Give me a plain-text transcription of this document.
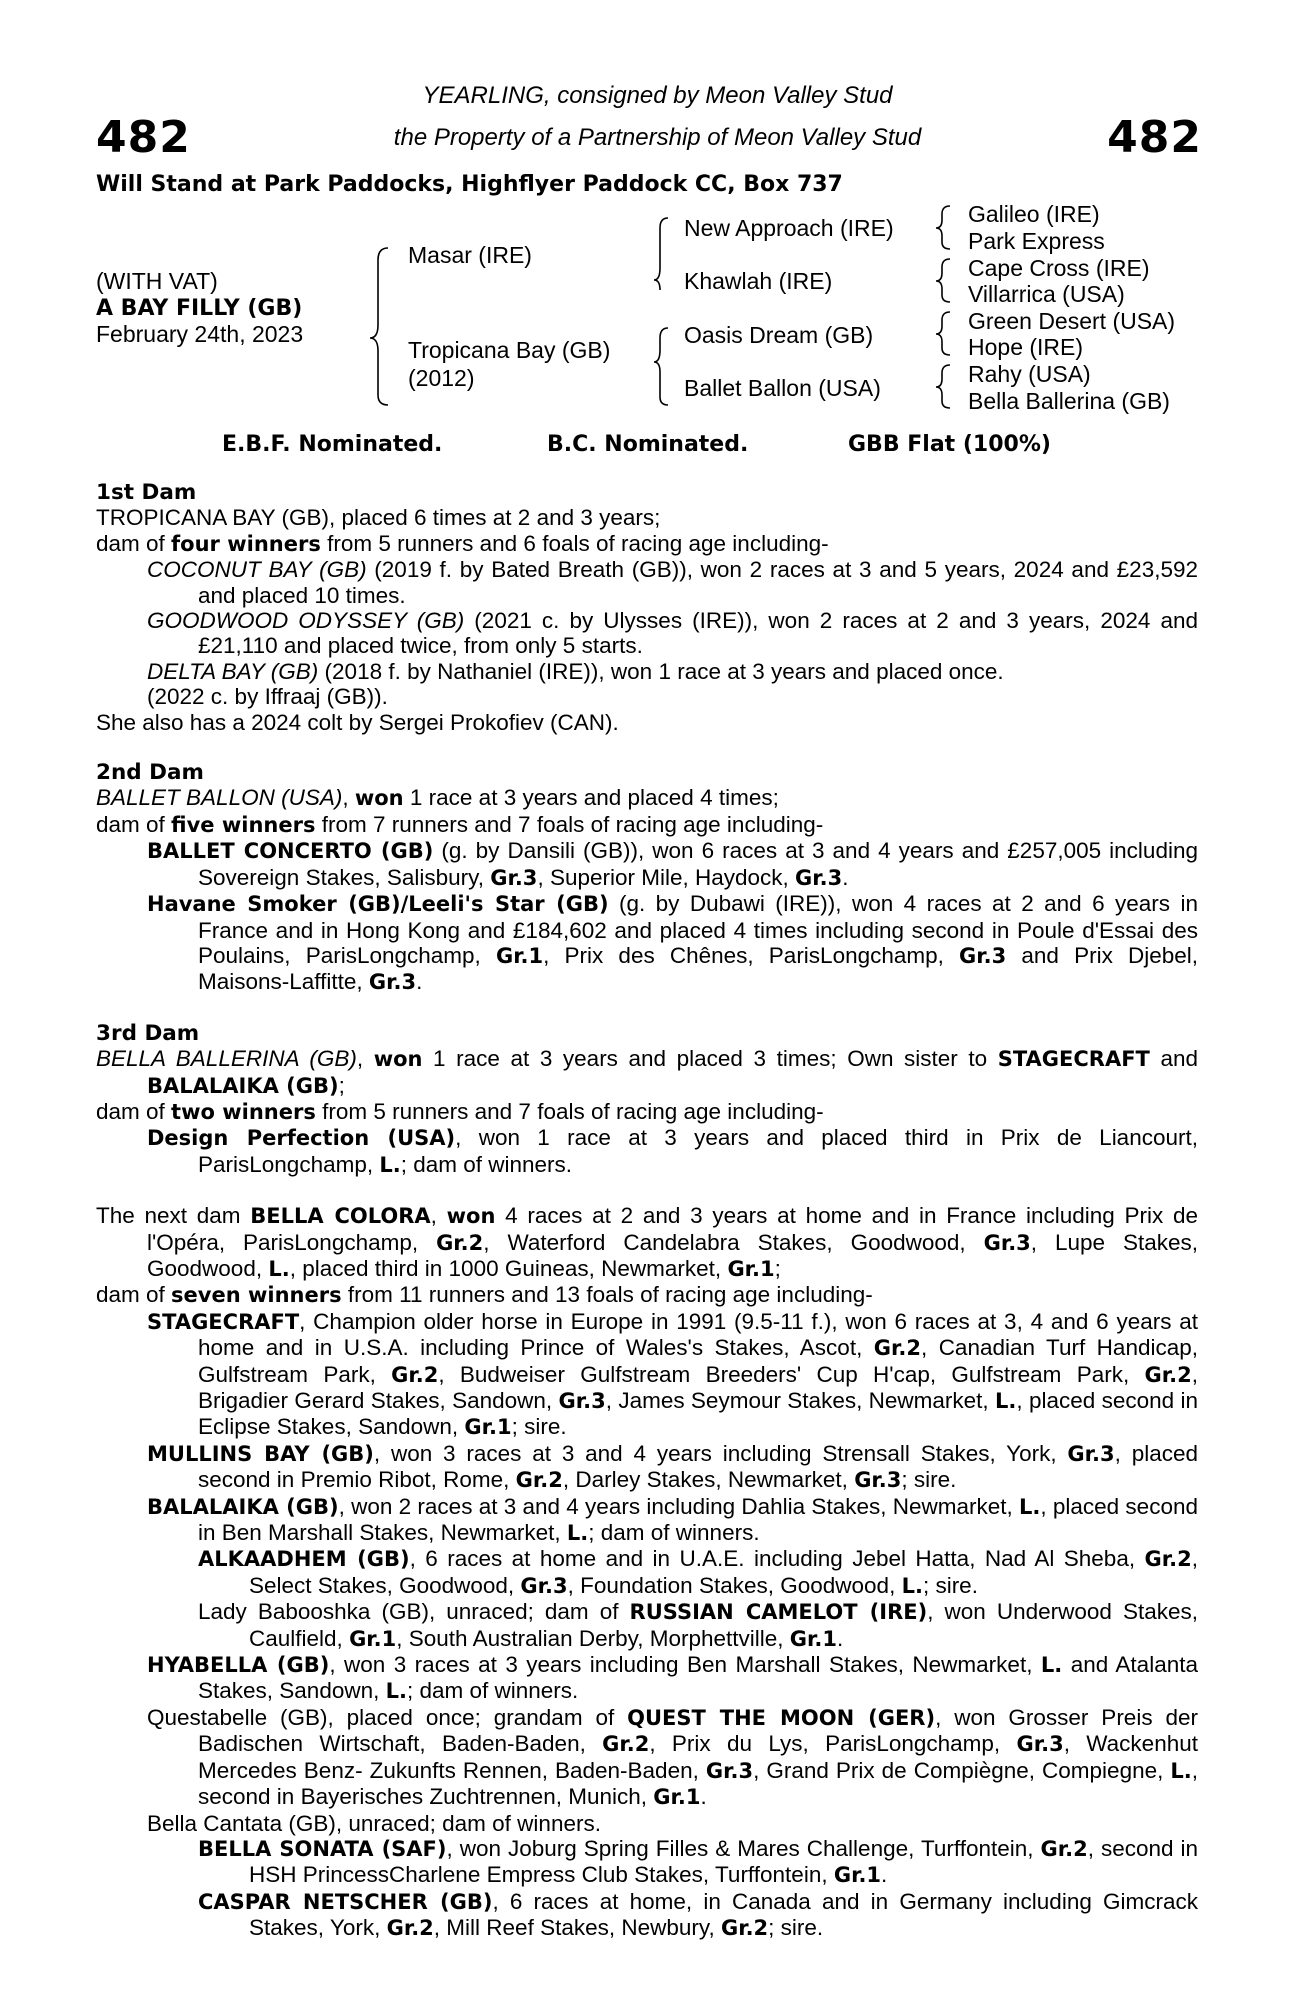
482	482
YEARLING, consigned by Meon Valley Stud
the Property of a Partnership of Meon Valley Stud
Will Stand at Park Paddocks, Highflyer Paddock CC, Box 737
(WITH VAT)
A BAY FILLY (GB)
February 24th, 2023
Masar (IRE)
Tropicana Bay (GB)
(2012)
New Approach (IRE)
Khawlah (IRE)
Oasis Dream (GB)
Ballet Ballon (USA)
Galileo (IRE)
Park Express
Cape Cross (IRE)
Villarrica (USA)
Green Desert (USA)
Hope (IRE)
Rahy (USA)
Bella Ballerina (GB)
E.B.F. Nominated.	B.C. Nominated.	GBB Flat (100%)

1st Dam

TROPICANA BAY (GB), placed 6 times at 2 and 3 years;

dam of four winners from 5 runners and 6 foals of racing age including-

COCONUT BAY (GB) (2019 f. by Bated Breath (GB)), won 2 races at 3 and 5 years, 2024 and £23,592 and placed 10 times.

GOODWOOD ODYSSEY (GB) (2021 c. by Ulysses (IRE)), won 2 races at 2 and 3 years, 2024 and £21,110 and placed twice, from only 5 starts.

DELTA BAY (GB) (2018 f. by Nathaniel (IRE)), won 1 race at 3 years and placed once.

(2022 c. by Iffraaj (GB)).

She also has a 2024 colt by Sergei Prokofiev (CAN).

2nd Dam

BALLET BALLON (USA), won 1 race at 3 years and placed 4 times;

dam of five winners from 7 runners and 7 foals of racing age including-

BALLET CONCERTO (GB) (g. by Dansili (GB)), won 6 races at 3 and 4 years and £257,005 including Sovereign Stakes, Salisbury, Gr.3, Superior Mile, Haydock, Gr.3.

Havane Smoker (GB)/Leeli's Star (GB) (g. by Dubawi (IRE)), won 4 races at 2 and 6 years in France and in Hong Kong and £184,602 and placed 4 times including second in Poule d'Essai des Poulains, ParisLongchamp, Gr.1, Prix des Chênes, ParisLongchamp, Gr.3 and Prix Djebel, Maisons-Laffitte, Gr.3.

3rd Dam

BELLA BALLERINA (GB), won 1 race at 3 years and placed 3 times; Own sister to STAGECRAFT and BALALAIKA (GB);

dam of two winners from 5 runners and 7 foals of racing age including-

Design Perfection (USA), won 1 race at 3 years and placed third in Prix de Liancourt, ParisLongchamp, L.; dam of winners.

The next dam BELLA COLORA, won 4 races at 2 and 3 years at home and in France including Prix de l'Opéra, ParisLongchamp, Gr.2, Waterford Candelabra Stakes, Goodwood, Gr.3, Lupe Stakes, Goodwood, L., placed third in 1000 Guineas, Newmarket, Gr.1;

dam of seven winners from 11 runners and 13 foals of racing age including-

STAGECRAFT, Champion older horse in Europe in 1991 (9.5-11 f.), won 6 races at 3, 4 and 6 years at home and in U.S.A. including Prince of Wales's Stakes, Ascot, Gr.2, Canadian Turf Handicap, Gulfstream Park, Gr.2, Budweiser Gulfstream Breeders' Cup H'cap, Gulfstream Park, Gr.2, Brigadier Gerard Stakes, Sandown, Gr.3, James Seymour Stakes, Newmarket, L., placed second in Eclipse Stakes, Sandown, Gr.1; sire.

MULLINS BAY (GB), won 3 races at 3 and 4 years including Strensall Stakes, York, Gr.3, placed second in Premio Ribot, Rome, Gr.2, Darley Stakes, Newmarket, Gr.3; sire.

BALALAIKA (GB), won 2 races at 3 and 4 years including Dahlia Stakes, Newmarket, L., placed second in Ben Marshall Stakes, Newmarket, L.; dam of winners.

ALKAADHEM (GB), 6 races at home and in U.A.E. including Jebel Hatta, Nad Al Sheba, Gr.2, Select Stakes, Goodwood, Gr.3, Foundation Stakes, Goodwood, L.; sire.

Lady Babooshka (GB), unraced; dam of RUSSIAN CAMELOT (IRE), won Underwood Stakes, Caulfield, Gr.1, South Australian Derby, Morphettville, Gr.1.

HYABELLA (GB), won 3 races at 3 years including Ben Marshall Stakes, Newmarket, L. and Atalanta Stakes, Sandown, L.; dam of winners.

Questabelle (GB), placed once; grandam of QUEST THE MOON (GER), won Grosser Preis der Badischen Wirtschaft, Baden-Baden, Gr.2, Prix du Lys, ParisLongchamp, Gr.3, Wackenhut Mercedes Benz- Zukunfts Rennen, Baden-Baden, Gr.3, Grand Prix de Compiègne, Compiegne, L., second in Bayerisches Zuchtrennen, Munich, Gr.1.

Bella Cantata (GB), unraced; dam of winners.

BELLA SONATA (SAF), won Joburg Spring Filles & Mares Challenge, Turffontein, Gr.2, second in HSH PrincessCharlene Empress Club Stakes, Turffontein, Gr.1.

CASPAR NETSCHER (GB), 6 races at home, in Canada and in Germany including Gimcrack Stakes, York, Gr.2, Mill Reef Stakes, Newbury, Gr.2; sire.
